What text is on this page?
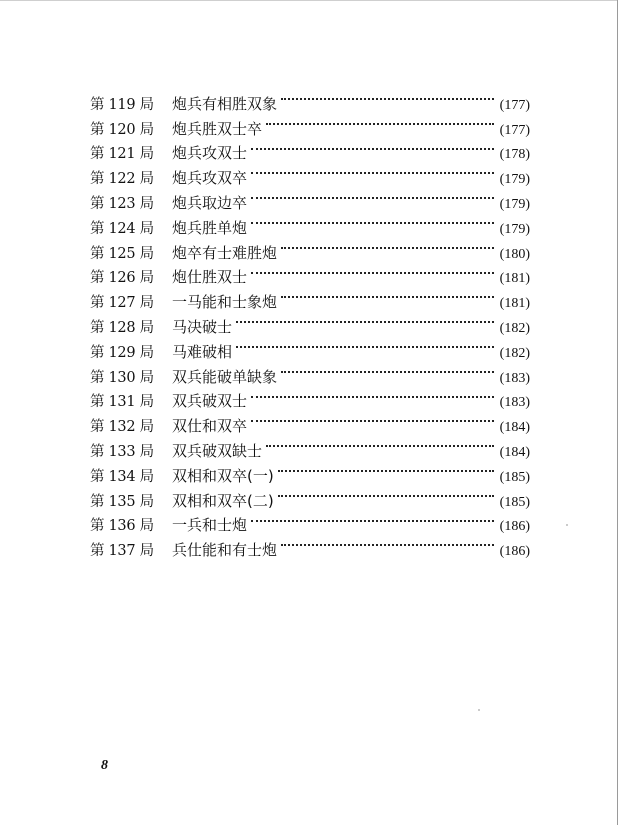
第 119 局	炮兵有相胜双象	(177)
第 120 局	炮兵胜双士卒	(177)
第 121 局	炮兵攻双士	(178)
第 122 局	炮兵攻双卒	(179)
第 123 局	炮兵取边卒	(179)
第 124 局	炮兵胜单炮	(179)
第 125 局	炮卒有士难胜炮	(180)
第 126 局	炮仕胜双士	(181)
第 127 局	一马能和士象炮	(181)
第 128 局	马决破士	(182)
第 129 局	马难破相	(182)
第 130 局	双兵能破单缺象	(183)
第 131 局	双兵破双士	(183)
第 132 局	双仕和双卒	(184)
第 133 局	双兵破双缺士	(184)
第 134 局	双相和双卒(一)	(185)
第 135 局	双相和双卒(二)	(185)
第 136 局	一兵和士炮	(186)
第 137 局	兵仕能和有士炮	(186)
8
